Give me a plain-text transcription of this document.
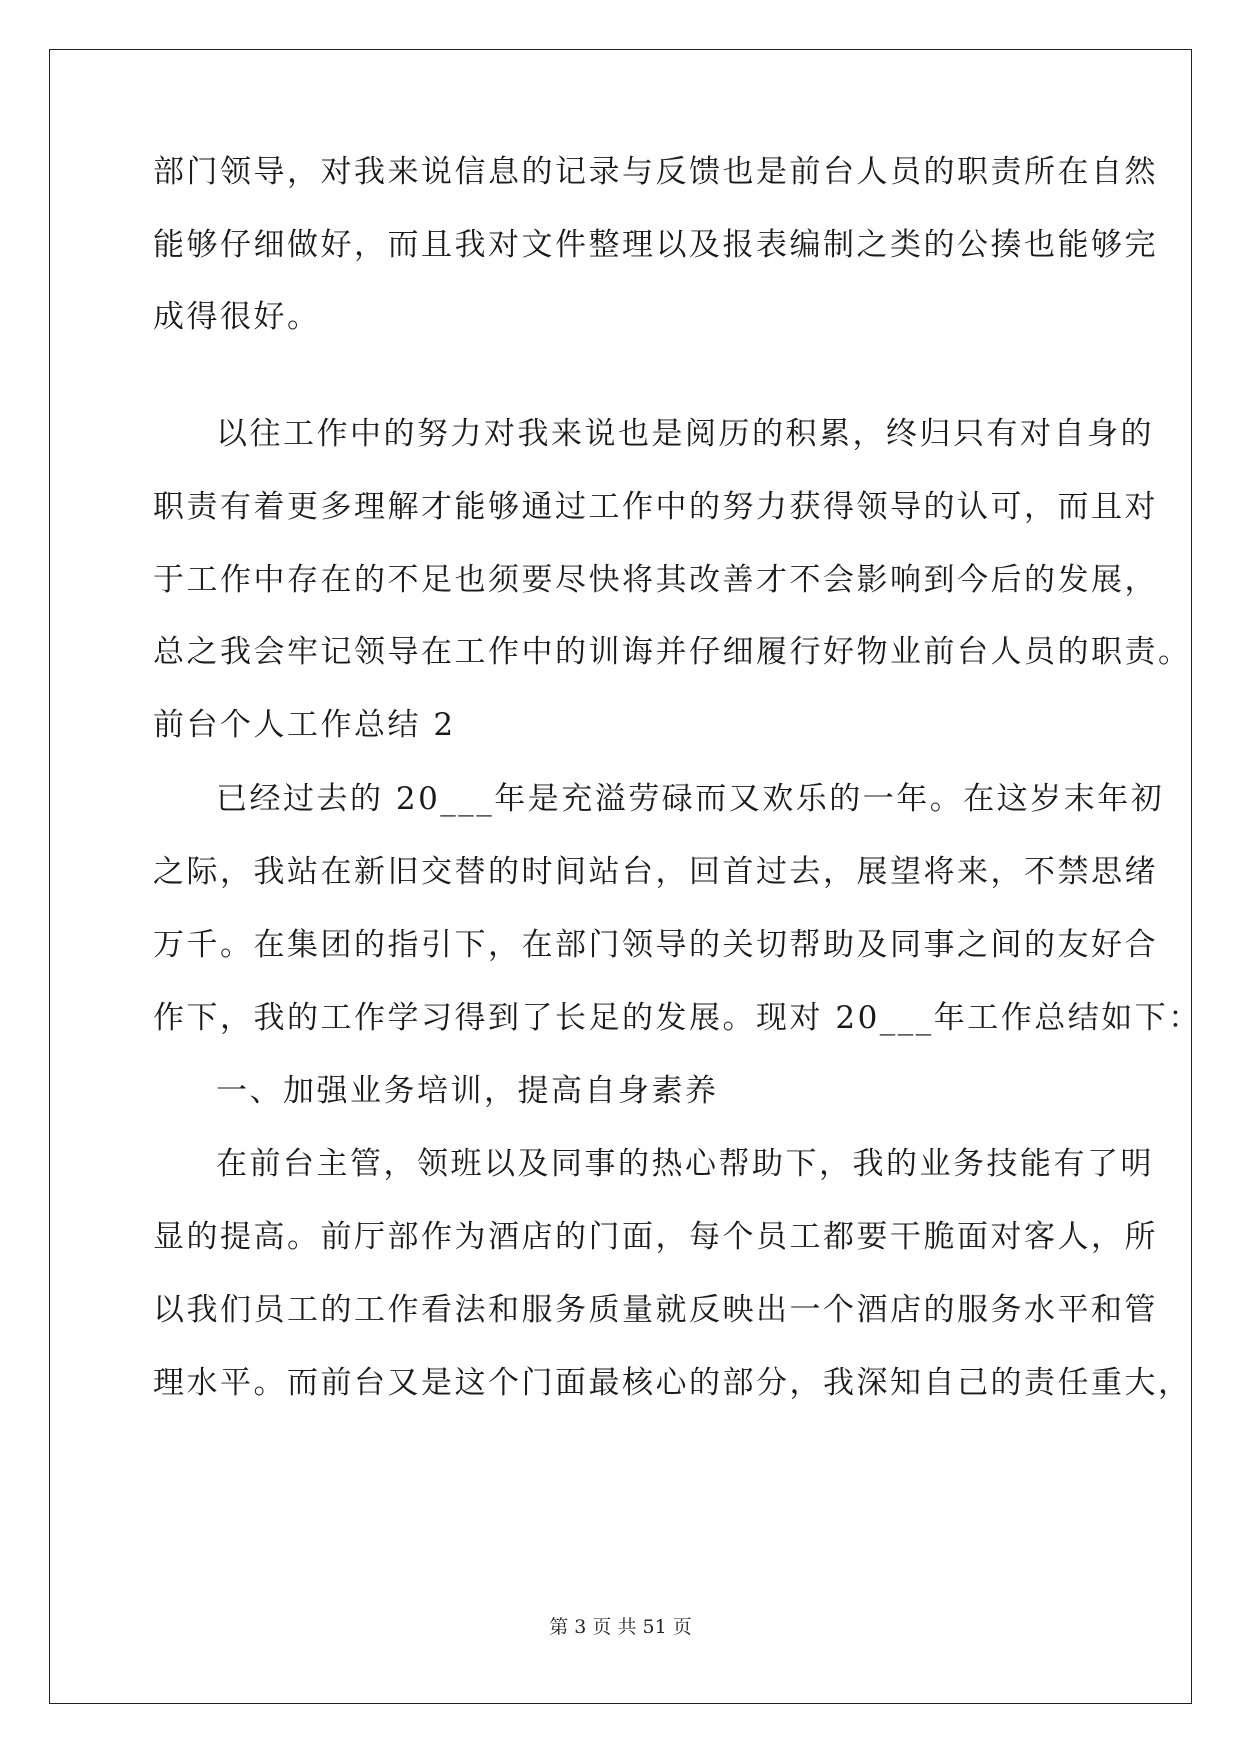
部门领导，对我来说信息的记录与反馈也是前台人员的职责所在自然
能够仔细做好，而且我对文件整理以及报表编制之类的公揍也能够完
成得很好。
以往工作中的努力对我来说也是阅历的积累，终归只有对自身的
职责有着更多理解才能够通过工作中的努力获得领导的认可，而且对
于工作中存在的不足也须要尽快将其改善才不会影响到今后的发展，
总之我会牢记领导在工作中的训诲并仔细履行好物业前台人员的职责。
前台个人工作总结 2
已经过去的 20___年是充溢劳碌而又欢乐的一年。在这岁末年初
之际，我站在新旧交替的时间站台，回首过去，展望将来，不禁思绪
万千。在集团的指引下，在部门领导的关切帮助及同事之间的友好合
作下，我的工作学习得到了长足的发展。现对 20___年工作总结如下：
一、加强业务培训，提高自身素养
在前台主管，领班以及同事的热心帮助下，我的业务技能有了明
显的提高。前厅部作为酒店的门面，每个员工都要干脆面对客人，所
以我们员工的工作看法和服务质量就反映出一个酒店的服务水平和管
理水平。而前台又是这个门面最核心的部分，我深知自己的责任重大，
第 3 页 共 51 页
